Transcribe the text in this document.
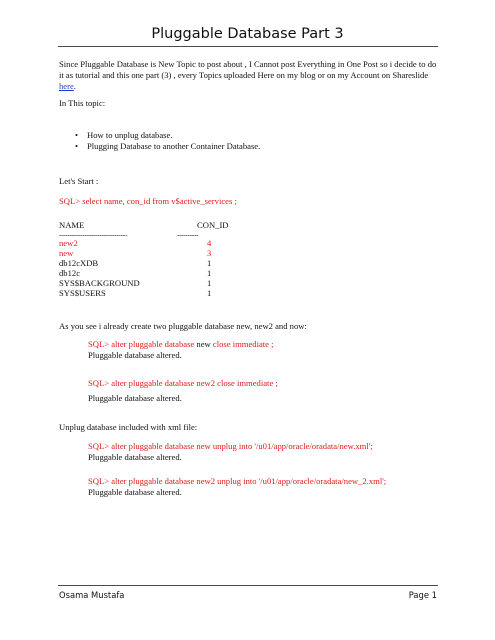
Pluggable Database Part 3
Since Pluggable Database is New Topic to post about , I Cannot post Everything in One Post so i decide to do it as tutorial and this one part (3) , every Topics uploaded Here on my blog or on my Account on Shareslide here.
In This topic:
• How to unplug database.
• Plugging Database to another Container Database.
Let's Start :
SQL> select name, con_id from v$active_services ;
NAME	CON_ID
--------------------------------	----------
new2	4
new	3
db12cXDB	1
db12c	1
SYS$BACKGROUND	1
SYS$USERS	1
As you see i already create two pluggable database new, new2 and now:
SQL> alter pluggable database new close immediate ;
Pluggable database altered.
SQL> alter pluggable database new2 close immediate ;
Pluggable database altered.
Unplug database included with xml file:
SQL> alter pluggable database new unplug into '/u01/app/oracle/oradata/new.xml';
Pluggable database altered.
SQL> alter pluggable database new2 unplug into '/u01/app/oracle/oradata/new_2.xml';
Pluggable database altered.
Osama Mustafa	Page 1
